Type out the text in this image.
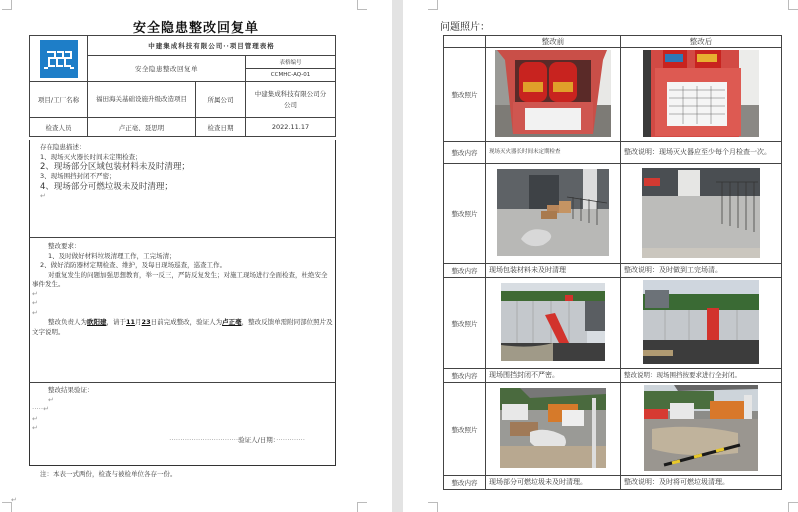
安全隐患整改回复单
	中建集成科技有限公司··项目管理表格		
	安全隐患整改回复单		表格编号
CCMHC-AQ-01

项目/工厂名称	福田海关基础设施升级改造项目	所属公司	中建集成科技有限公司分公司
检查人员	卢正亳、聂思明	检查日期	2022.11.17
存在隐患描述：
1、现场灭火器长时间未定期检查；
2、现场部分区域包装材料未及时清理；
3、现场围挡封闭不严密；
4、现场部分可燃垃圾未及时清理；
↵
整改要求：
1、及时做好材料垃圾清理工作，工完场清；
2、做好消防器材定期检查、维护，及每日现场巡查，巡查工作。
对重复发生的问题加强思想教育，举一反三，严防反复发生；对施工现场进行全面检查，杜绝安全事件发生。
↵
↵
↵
整改负责人为欧阳建，请于11月23日前完成整改，验证人为卢正亳，整改反馈单需附同部位照片及文字说明。
整改结果验证：
↵
·····↵
↵
↵
·······························验证人/日期：·············
注：本表一式两份，检查与被检单位各存一份。
↵
问题照片：
	整改前	整改后
整改照片		
整改内容	现场灭火器长时间未定期检查	整改说明：现场灭火器应至少每个月检查一次。
整改照片		
整改内容	现场包装材料未及时清理	整改说明：及时做到工完场清。
整改照片		
整改内容	现场围挡封闭不严密。	整改说明：现场围挡按要求进行全封闭。
整改照片		
整改内容	现场部分可燃垃圾未及时清理。	整改说明：及时将可燃垃圾清理。
